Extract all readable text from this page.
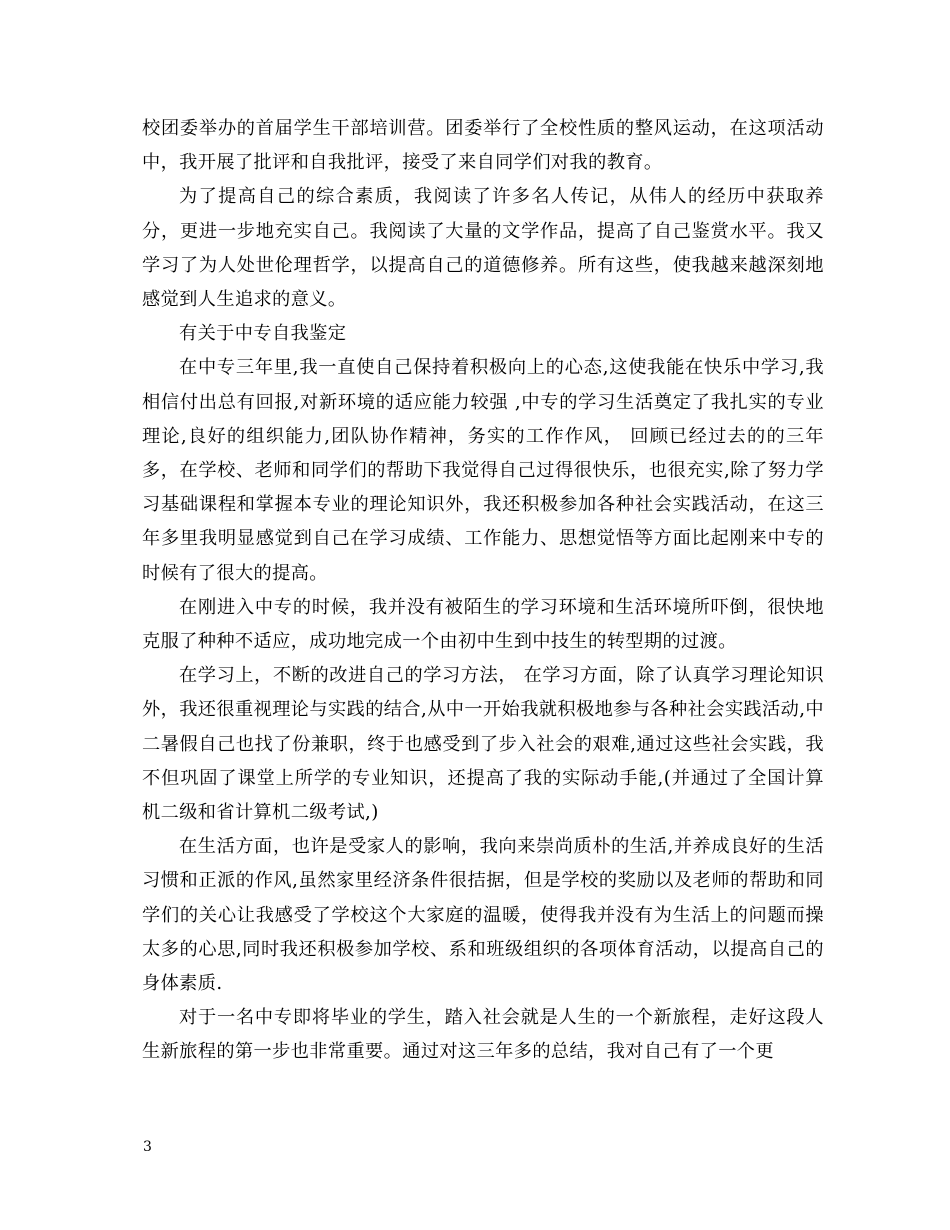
校团委举办的首届学生干部培训营。团委举行了全校性质的整风运动，在这项活动中，我开展了批评和自我批评，接受了来自同学们对我的教育。

为了提高自己的综合素质，我阅读了许多名人传记，从伟人的经历中获取养分，更进一步地充实自己。我阅读了大量的文学作品，提高了自己鉴赏水平。我又学习了为人处世伦理哲学，以提高自己的道德修养。所有这些，使我越来越深刻地感觉到人生追求的意义。

有关于中专自我鉴定

在中专三年里,我一直使自己保持着积极向上的心态,这使我能在快乐中学习,我相信付出总有回报,对新环境的适应能力较强 ,中专的学习生活奠定了我扎实的专业理论,良好的组织能力,团队协作精神，务实的工作作风， 回顾已经过去的的三年多，在学校、老师和同学们的帮助下我觉得自己过得很快乐，也很充实,除了努力学习基础课程和掌握本专业的理论知识外，我还积极参加各种社会实践活动，在这三年多里我明显感觉到自己在学习成绩、工作能力、思想觉悟等方面比起刚来中专的时候有了很大的提高。

在刚进入中专的时候，我并没有被陌生的学习环境和生活环境所吓倒，很快地克服了种种不适应，成功地完成一个由初中生到中技生的转型期的过渡。

在学习上，不断的改进自己的学习方法， 在学习方面，除了认真学习理论知识外，我还很重视理论与实践的结合,从中一开始我就积极地参与各种社会实践活动,中二暑假自己也找了份兼职，终于也感受到了步入社会的艰难,通过这些社会实践，我不但巩固了课堂上所学的专业知识，还提高了我的实际动手能,(并通过了全国计算机二级和省计算机二级考试,)

在生活方面，也许是受家人的影响，我向来崇尚质朴的生活,并养成良好的生活习惯和正派的作风,虽然家里经济条件很拮据，但是学校的奖励以及老师的帮助和同学们的关心让我感受了学校这个大家庭的温暖，使得我并没有为生活上的问题而操太多的心思,同时我还积极参加学校、系和班级组织的各项体育活动，以提高自己的身体素质.

对于一名中专即将毕业的学生，踏入社会就是人生的一个新旅程，走好这段人生新旅程的第一步也非常重要。通过对这三年多的总结，我对自己有了一个更

3
